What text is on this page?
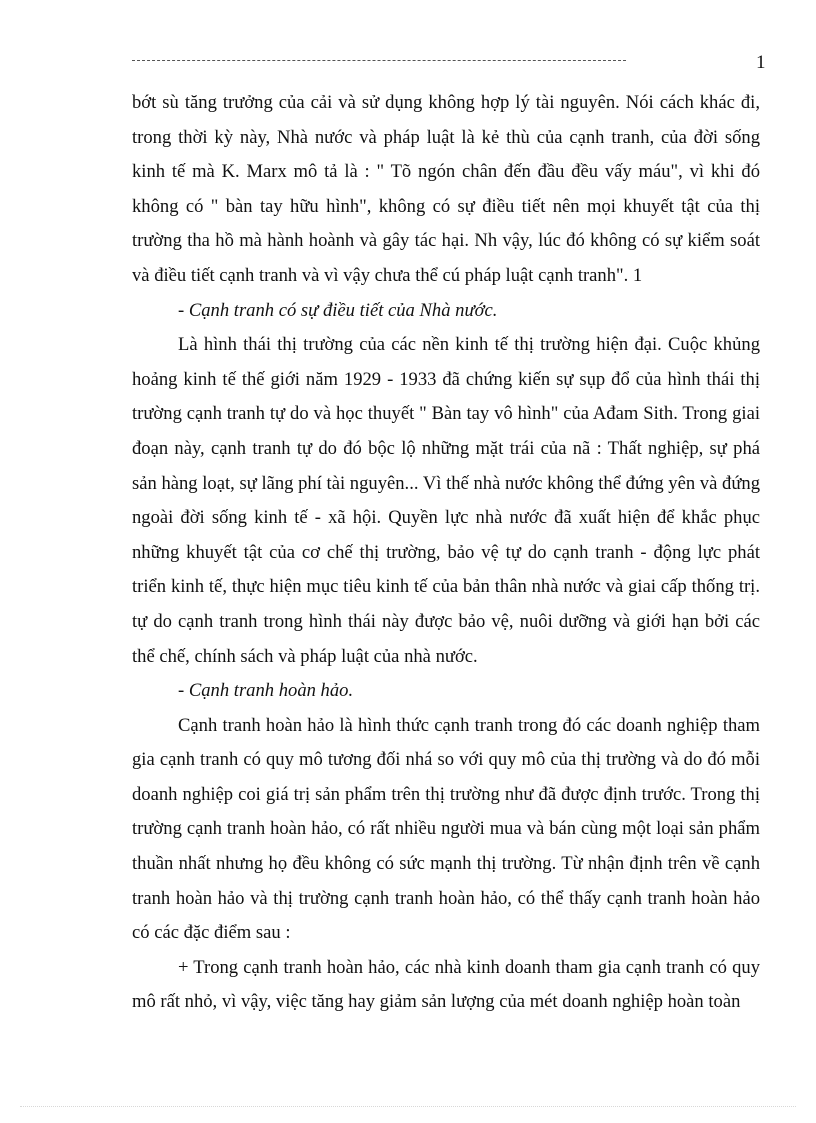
1

bớt sù tăng trưởng của cải và sử dụng không hợp lý tài nguyên. Nói cách khác đi, trong thời kỳ này, Nhà nước và pháp luật là kẻ thù của cạnh tranh, của đời sống kinh tế mà K. Marx mô tả là : " Tõ ngón chân đến đầu đều vấy máu", vì khi đó không có " bàn tay hữu hình", không có sự điều tiết nên mọi khuyết tật của thị trường tha hồ mà hành hoành và gây tác hại. Nh vậy, lúc đó không có sự kiểm soát và điều tiết cạnh tranh và vì vậy chưa thể cú pháp luật cạnh tranh". 1

- Cạnh tranh có sự điều tiết của Nhà nước.

Là hình thái thị trường của các nền kinh tế thị trường hiện đại. Cuộc khủng hoảng kinh tế thế giới năm 1929 - 1933 đã chứng kiến sự sụp đổ của hình thái thị trường cạnh tranh tự do và học thuyết " Bàn tay vô hình" của Ađam Sith. Trong giai đoạn này, cạnh tranh tự do đó bộc lộ những mặt trái của nã : Thất nghiệp, sự phá sản hàng loạt, sự lãng phí tài nguyên... Vì thế nhà nước không thể đứng yên và đứng ngoài đời sống kinh tế - xã hội. Quyền lực nhà nước đã xuất hiện để khắc phục những khuyết tật của cơ chế thị trường, bảo vệ tự do cạnh tranh - động lực phát triển kinh tế, thực hiện mục tiêu kinh tế của bản thân nhà nước và giai cấp thống trị. tự do cạnh tranh trong hình thái này được bảo vệ, nuôi dưỡng và giới hạn bởi các thể chế, chính sách và pháp luật của nhà nước.

- Cạnh tranh hoàn hảo.

Cạnh tranh hoàn hảo là hình thức cạnh tranh trong đó các doanh nghiệp tham gia cạnh tranh có quy mô tương đối nhá so với quy mô của thị trường và do đó mỗi doanh nghiệp coi giá trị sản phẩm trên thị trường như đã được định trước. Trong thị trường cạnh tranh hoàn hảo, có rất nhiều người mua và bán cùng một loại sản phẩm thuần nhất nhưng họ đều không có sức mạnh thị trường. Từ nhận định trên về cạnh tranh hoàn hảo và thị trường cạnh tranh hoàn hảo, có thể thấy cạnh tranh hoàn hảo có các đặc điểm sau :

+ Trong cạnh tranh hoàn hảo, các nhà kinh doanh tham gia cạnh tranh có quy mô rất nhỏ, vì vậy, việc tăng hay giảm sản lượng của mét doanh nghiệp hoàn toàn
